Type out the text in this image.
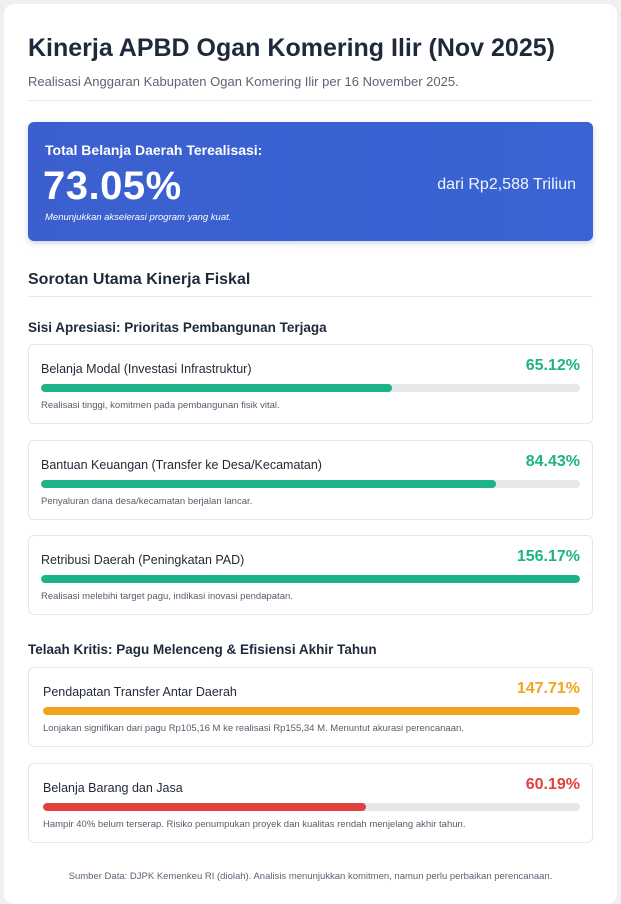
Kinerja APBD Ogan Komering Ilir (Nov 2025)

Realisasi Anggaran Kabupaten Ogan Komering Ilir per 16 November 2025.

Total Belanja Daerah Terealisasi:
73.05%
Menunjukkan akselerasi program yang kuat.
dari Rp2,588 Triliun
Sorotan Utama Kinerja Fiskal
Sisi Apresiasi: Prioritas Pembangunan Terjaga
Belanja Modal (Investasi Infrastruktur)	65.12%
Realisasi tinggi, komitmen pada pembangunan fisik vital.
Bantuan Keuangan (Transfer ke Desa/Kecamatan)	84.43%
Penyaluran dana desa/kecamatan berjalan lancar.
Retribusi Daerah (Peningkatan PAD)	156.17%
Realisasi melebihi target pagu, indikasi inovasi pendapatan.
Telaah Kritis: Pagu Melenceng & Efisiensi Akhir Tahun
Pendapatan Transfer Antar Daerah	147.71%
Lonjakan signifikan dari pagu Rp105,16 M ke realisasi Rp155,34 M. Menuntut akurasi perencanaan.
Belanja Barang dan Jasa	60.19%
Hampir 40% belum terserap. Risiko penumpukan proyek dan kualitas rendah menjelang akhir tahun.

Sumber Data: DJPK Kemenkeu RI (diolah). Analisis menunjukkan komitmen, namun perlu perbaikan perencanaan.
